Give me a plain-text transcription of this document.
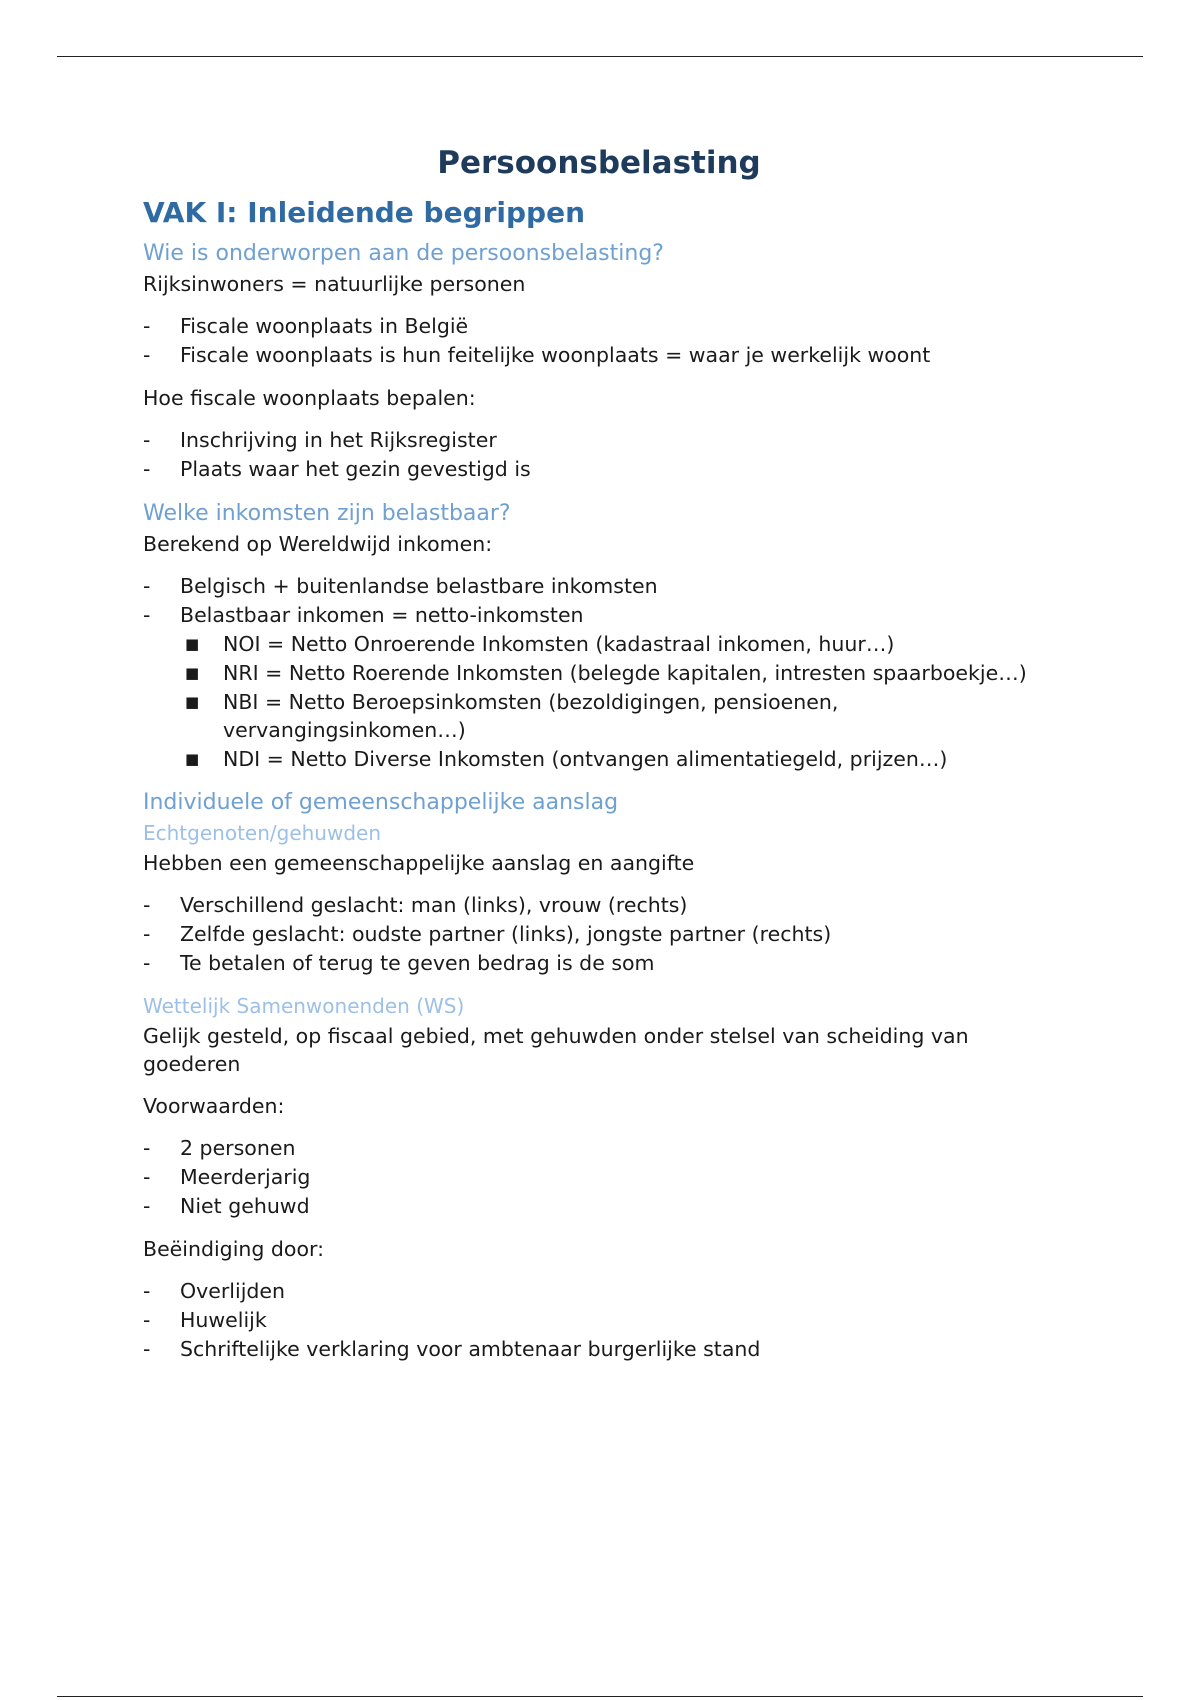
Persoonsbelasting
VAK I: Inleidende begrippen
Wie is onderworpen aan de persoonsbelasting?

Rijksinwoners = natuurlijke personen

- Fiscale woonplaats in België
- Fiscale woonplaats is hun feitelijke woonplaats = waar je werkelijk woont

Hoe fiscale woonplaats bepalen:

- Inschrijving in het Rijksregister
- Plaats waar het gezin gevestigd is
Welke inkomsten zijn belastbaar?

Berekend op Wereldwijd inkomen:

- Belgisch + buitenlandse belastbare inkomsten
- Belastbaar inkomen = netto-inkomsten
■ NOI = Netto Onroerende Inkomsten (kadastraal inkomen, huur…)
■ NRI = Netto Roerende Inkomsten (belegde kapitalen, intresten spaarboekje…)
■ NBI = Netto Beroepsinkomsten (bezoldigingen, pensioenen, vervangingsinkomen…)
■ NDI = Netto Diverse Inkomsten (ontvangen alimentatiegeld, prijzen…)
Individuele of gemeenschappelijke aanslag
Echtgenoten/gehuwden

Hebben een gemeenschappelijke aanslag en aangifte

- Verschillend geslacht: man (links), vrouw (rechts)
- Zelfde geslacht: oudste partner (links), jongste partner (rechts)
- Te betalen of terug te geven bedrag is de som
Wettelijk Samenwonenden (WS)

Gelijk gesteld, op fiscaal gebied, met gehuwden onder stelsel van scheiding van goederen

Voorwaarden:

- 2 personen
- Meerderjarig
- Niet gehuwd

Beëindiging door:

- Overlijden
- Huwelijk
- Schriftelijke verklaring voor ambtenaar burgerlijke stand
